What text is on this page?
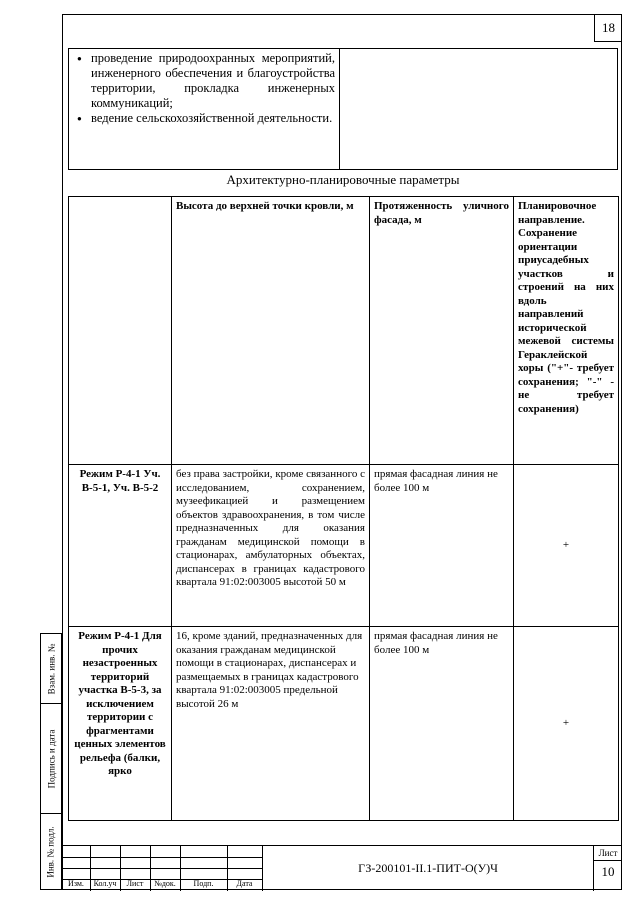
18
● проведение природоохранных мероприятий, инженерного обеспечения и благоустройства территории, прокладка инженерных коммуникаций;
● ведение сельскохозяйственной деятельности.
Архитектурно-планировочные параметры
	Высота до верхней точки кровли, м	Протяженность уличного фасада, м	Планировочное направление. Сохранение ориентации приусадебных участков и строений на них вдоль направлений исторической межевой системы Гераклейской хоры ("+"- требует сохранения; "-" - не требует сохранения)
Режим Р-4-1 Уч. В-5-1, Уч. В-5-2	без права застройки, кроме связанного с исследованием, сохранением, музеефикацией и размещением объектов здравоохранения, в том числе предназначенных для оказания гражданам медицинской помощи в стационарах, амбулаторных объектах, диспансерах в границах кадастрового квартала 91:02:003005 высотой 50 м	прямая фасадная линия не более 100 м	+
Режим Р-4-1 Для прочих незастроенных территорий участка В-5-3, за исключением территории с фрагментами ценных элементов рельефа (балки, ярко	16, кроме зданий, предназначенных для оказания гражданам медицинской помощи в стационарах, диспансерах и размещаемых в границах кадастрового квартала 91:02:003005 предельной высотой 26 м	прямая фасадная линия не более 100 м	+
Взам. инв. №
Подпись и дата
Инв. № подл.
Изм.	Кол.уч	Лист	№док.	Подп.	Дата
ГЗ-200101-II.1-ПИТ-О(У)Ч
Лист
10
